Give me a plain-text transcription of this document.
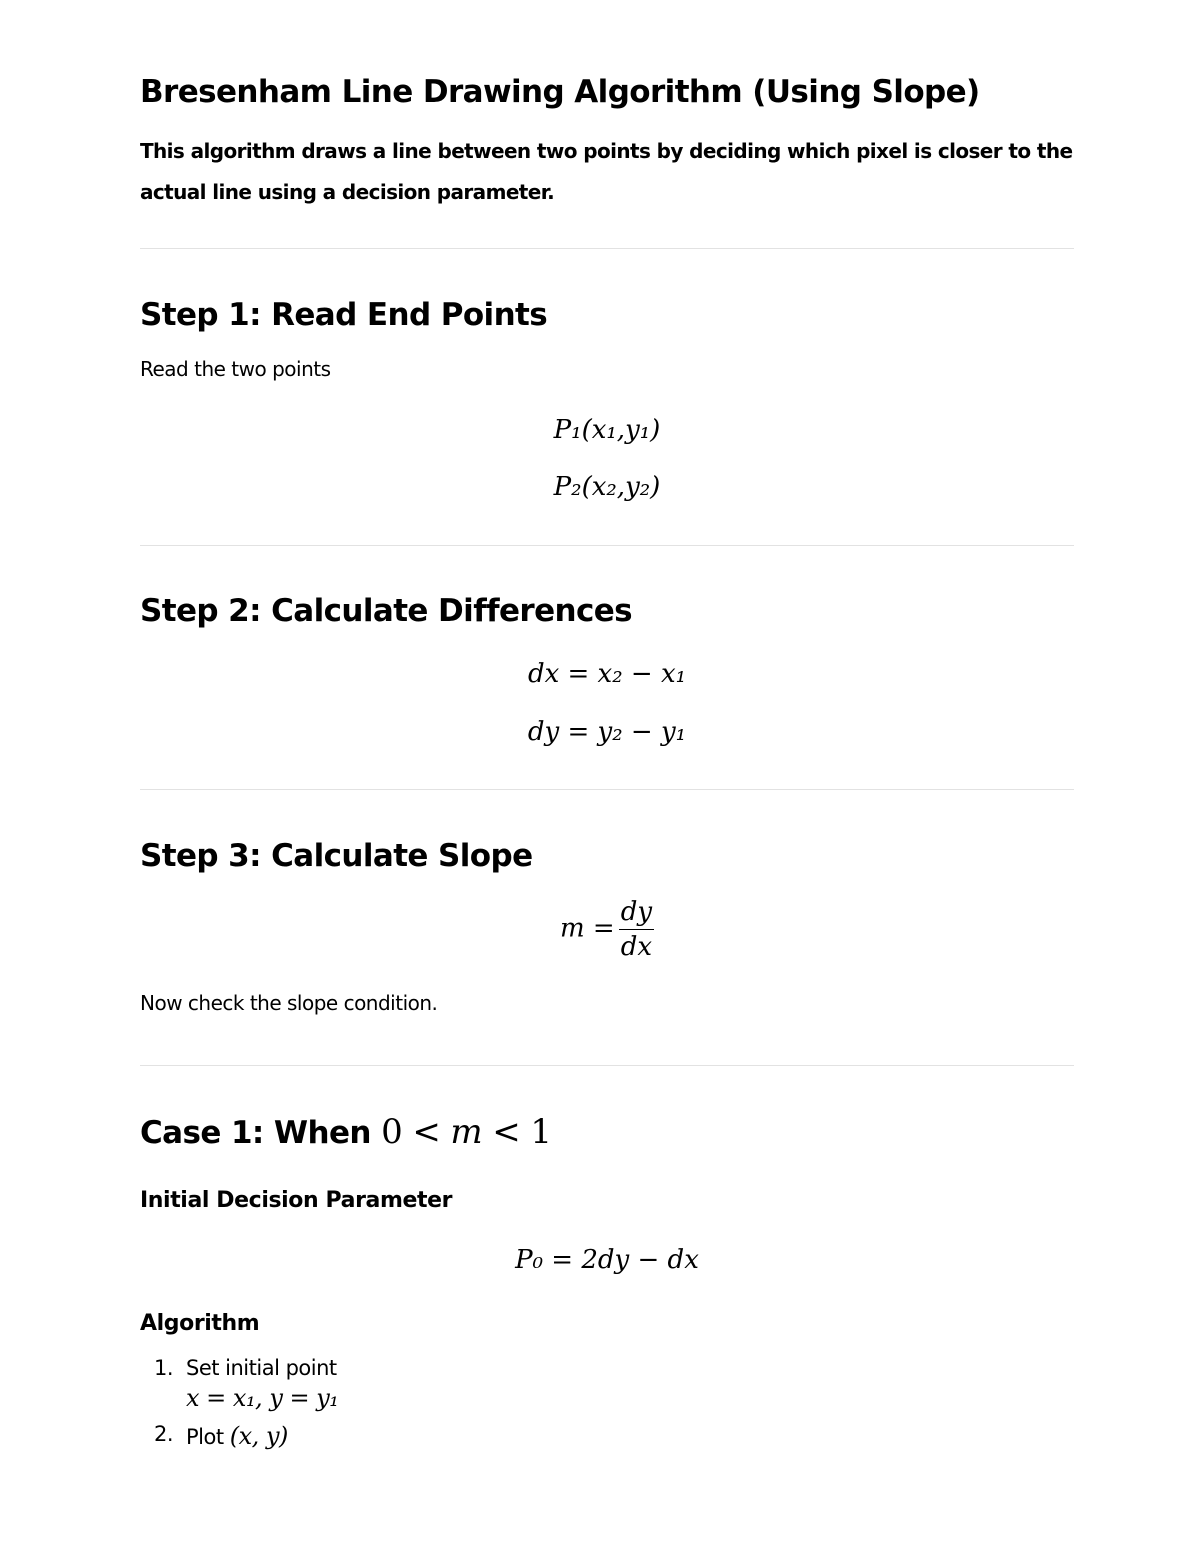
Bresenham Line Drawing Algorithm (Using Slope)
This algorithm draws a line between two points by deciding which pixel is closer to the
actual line using a decision parameter.
Step 1: Read End Points
Read the two points
P₁(x₁,y₁)
P₂(x₂,y₂)
Step 2: Calculate Differences
dx = x₂ − x₁
dy = y₂ − y₁
Step 3: Calculate Slope
$m = \frac{dy}{dx}$
Now check the slope condition.
Case 1: When 0 < m < 1
Initial Decision Parameter
P₀ = 2dy − dx
Algorithm
1. Set initial point
x = x₁, y = y₁
2. Plot (x, y)
